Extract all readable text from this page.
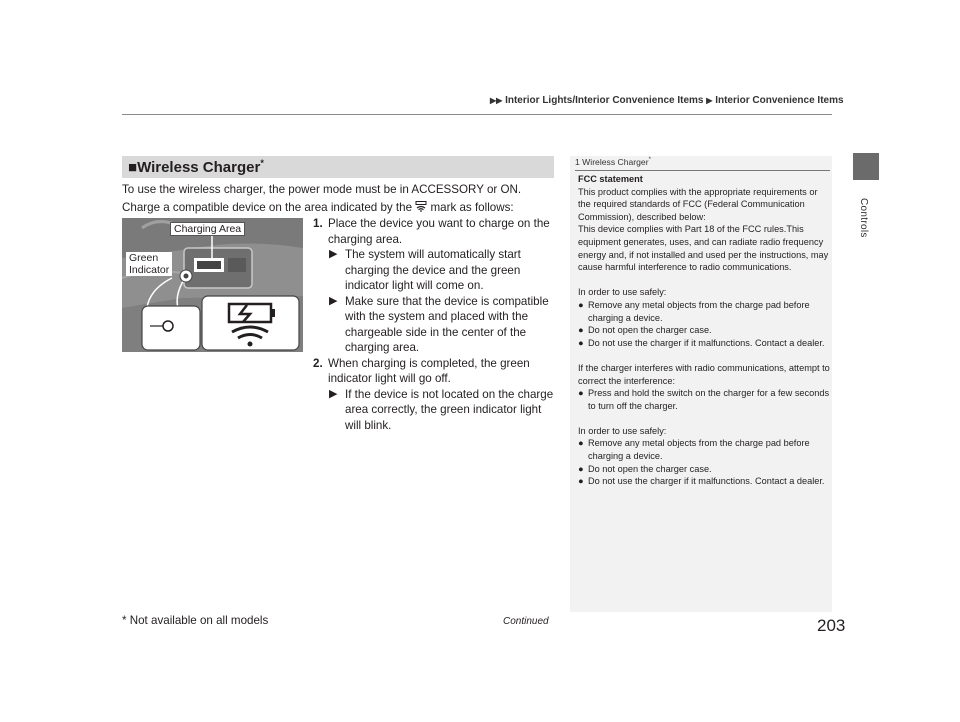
▶▶ Interior Lights/Interior Convenience Items ▶ Interior Convenience Items
Controls
■Wireless Charger*
To use the wireless charger, the power mode must be in ACCESSORY or ON.
Charge a compatible device on the area indicated by the mark as follows:
Charging Area
Green
Indicator
1. Place the device you want to charge on the charging area.
▶ The system will automatically start charging the device and the green indicator light will come on.
▶ Make sure that the device is compatible with the system and placed with the chargeable side in the center of the charging area.
2. When charging is completed, the green indicator light will go off.
▶ If the device is not located on the charge area correctly, the green indicator light will blink.
1 Wireless Charger*

FCC statement

This product complies with the appropriate requirements or the required standards of FCC (Federal Communication Commission), described below:

This device complies with Part 18 of the FCC rules.This equipment generates, uses, and can radiate radio frequency energy and, if not installed and used per the instructions, may cause harmful interference to radio communications.

In order to use safely:

● Remove any metal objects from the charge pad before charging a device.
● Do not open the charger case.
● Do not use the charger if it malfunctions. Contact a dealer.

If the charger interferes with radio communications, attempt to correct the interference:

● Press and hold the switch on the charger for a few seconds to turn off the charger.

In order to use safely:

● Remove any metal objects from the charge pad before charging a device.
● Do not open the charger case.
● Do not use the charger if it malfunctions. Contact a dealer.
* Not available on all models	Continued	203
